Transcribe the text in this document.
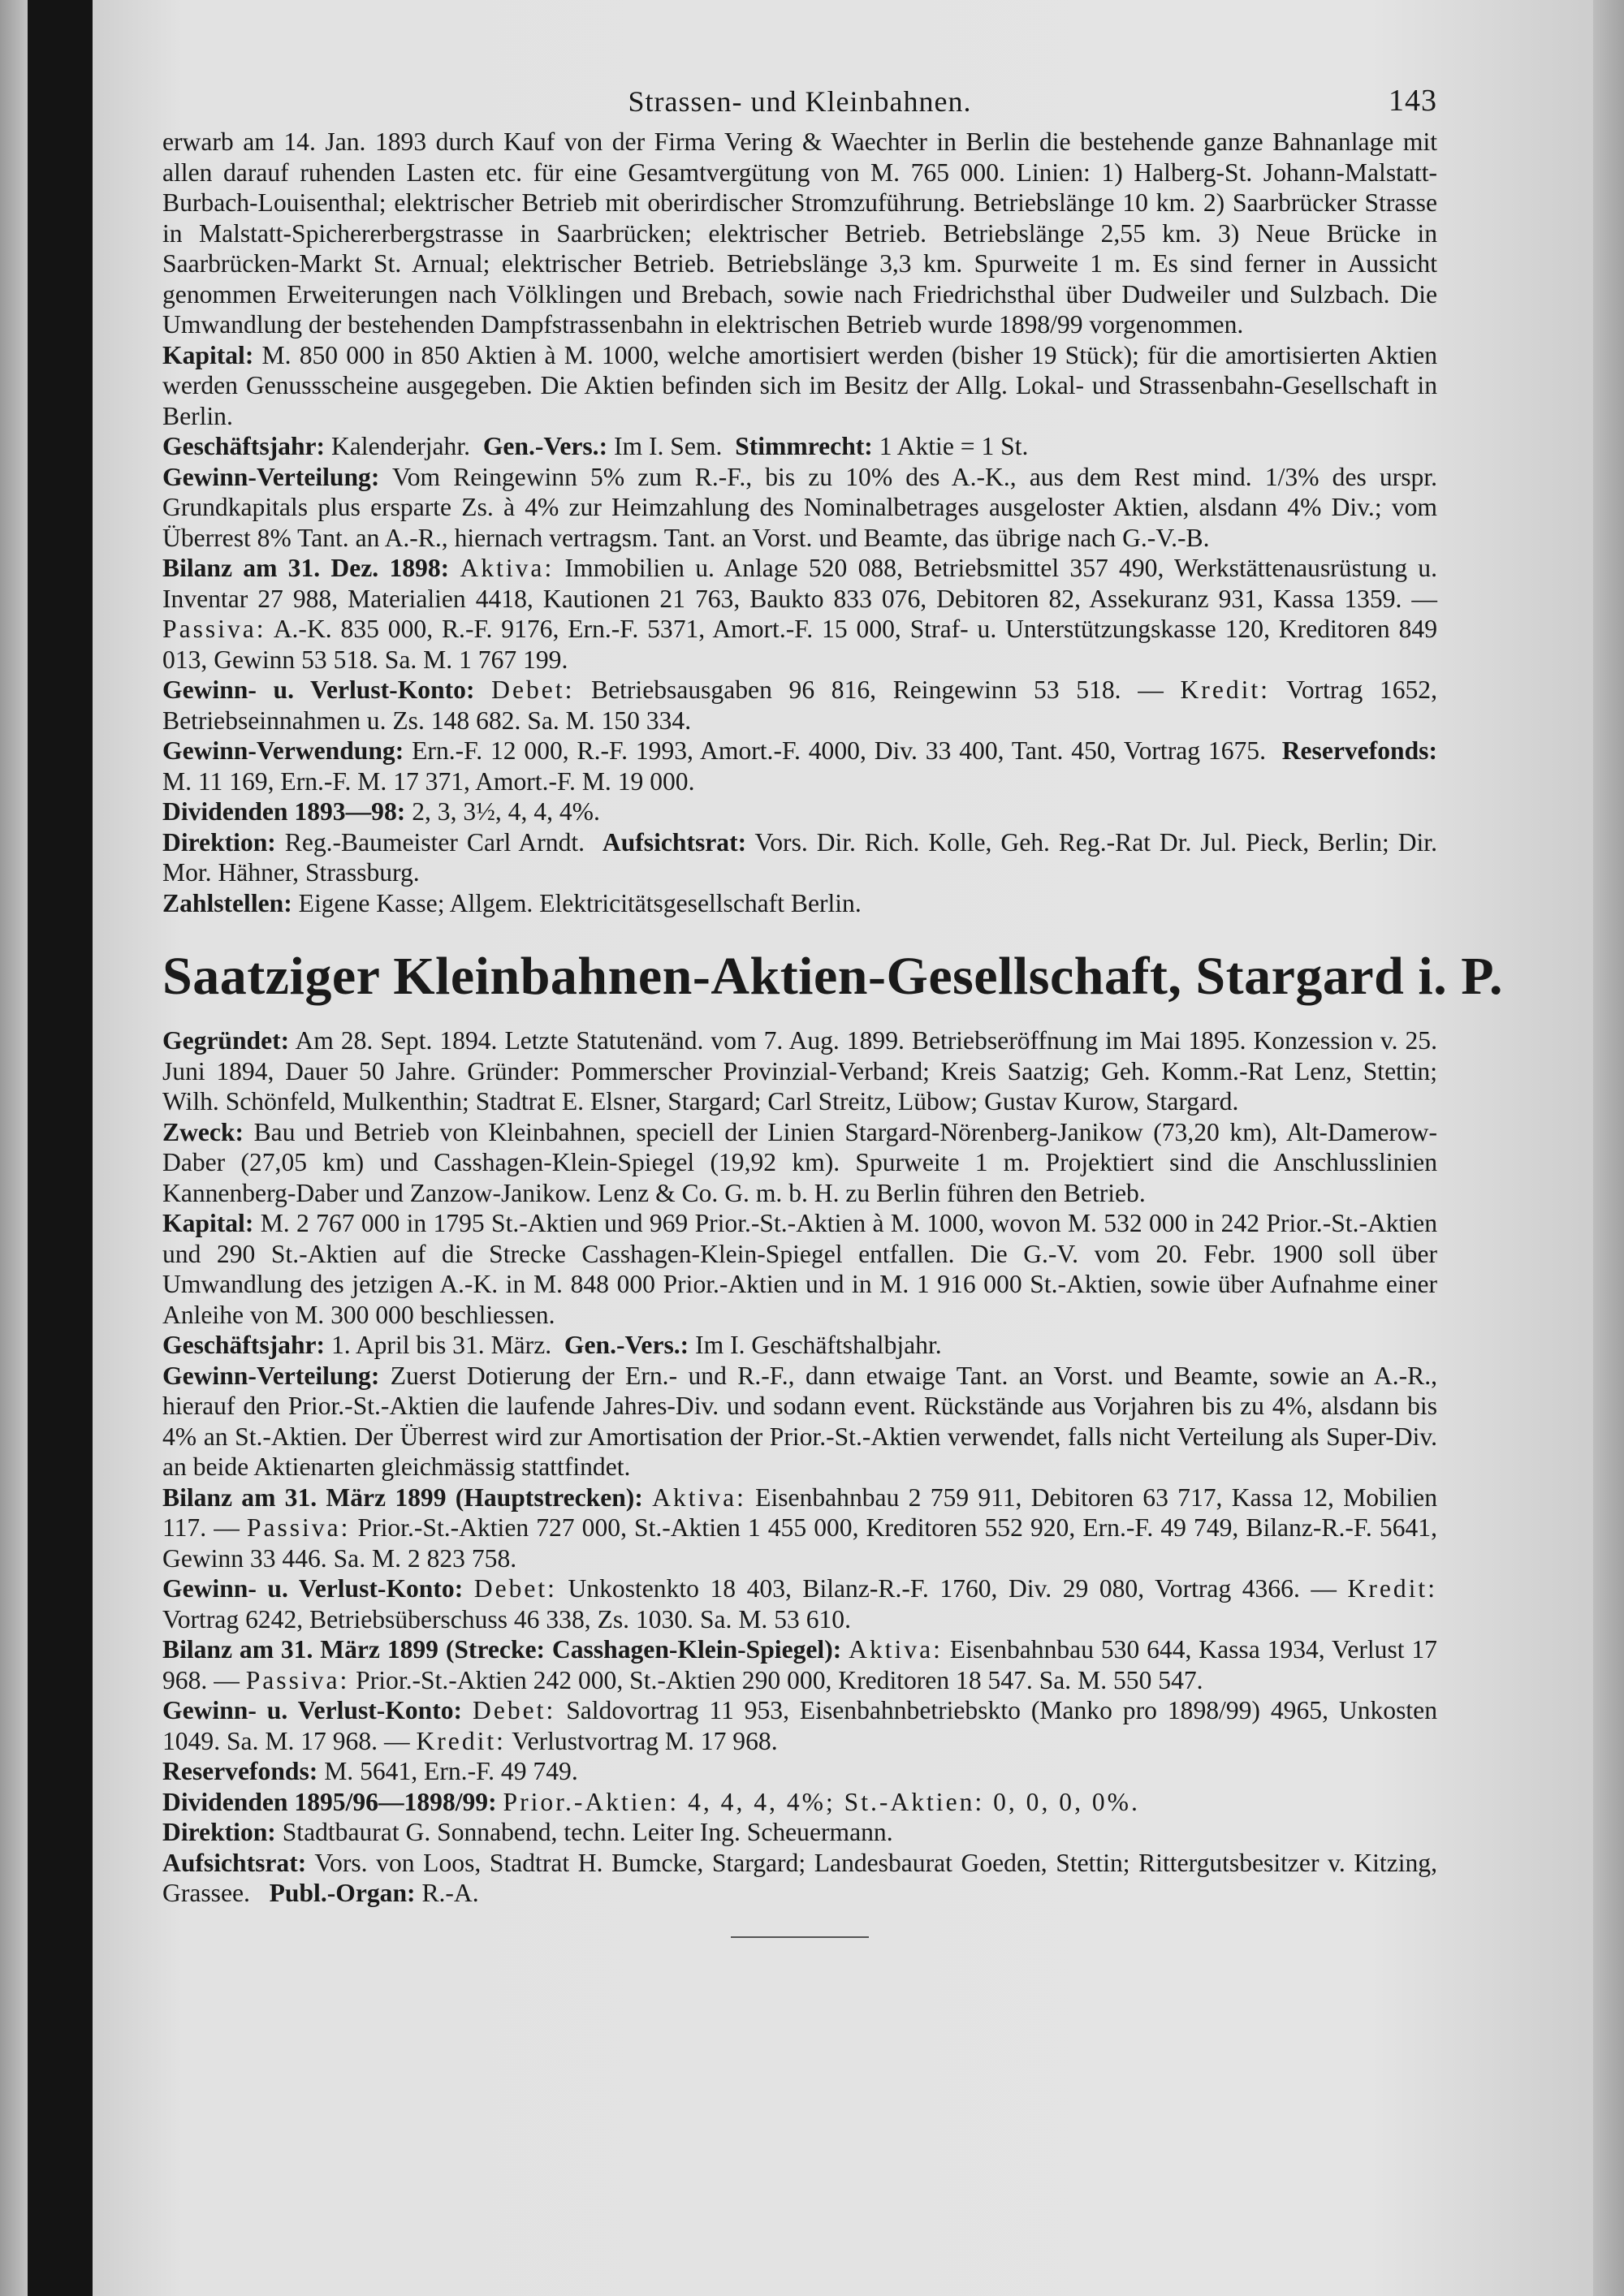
Strassen- und Kleinbahnen.	143

erwarb am 14. Jan. 1893 durch Kauf von der Firma Vering & Waechter in Berlin die bestehende ganze Bahnanlage mit allen darauf ruhenden Lasten etc. für eine Gesamtvergütung von M. 765 000. Linien: 1) Halberg-St. Johann-Malstatt-Burbach-Louisenthal; elektrischer Betrieb mit oberirdischer Stromzuführung. Betriebslänge 10 km. 2) Saarbrücker Strasse in Malstatt-Spichererbergstrasse in Saarbrücken; elektrischer Betrieb. Betriebslänge 2,55 km. 3) Neue Brücke in Saarbrücken-Markt St. Arnual; elektrischer Betrieb. Betriebslänge 3,3 km. Spurweite 1 m. Es sind ferner in Aussicht genommen Erweiterungen nach Völklingen und Brebach, sowie nach Friedrichsthal über Dudweiler und Sulzbach. Die Umwandlung der bestehenden Dampfstrassenbahn in elektrischen Betrieb wurde 1898/99 vorgenommen.

Kapital: M. 850 000 in 850 Aktien à M. 1000, welche amortisiert werden (bisher 19 Stück); für die amortisierten Aktien werden Genussscheine ausgegeben. Die Aktien befinden sich im Besitz der Allg. Lokal- und Strassenbahn-Gesellschaft in Berlin.

Geschäftsjahr: Kalenderjahr. Gen.-Vers.: Im I. Sem. Stimmrecht: 1 Aktie = 1 St.

Gewinn-Verteilung: Vom Reingewinn 5% zum R.-F., bis zu 10% des A.-K., aus dem Rest mind. 1/3% des urspr. Grundkapitals plus ersparte Zs. à 4% zur Heimzahlung des Nominalbetrages ausgeloster Aktien, alsdann 4% Div.; vom Überrest 8% Tant. an A.-R., hiernach vertragsm. Tant. an Vorst. und Beamte, das übrige nach G.-V.-B.

Bilanz am 31. Dez. 1898: Aktiva: Immobilien u. Anlage 520 088, Betriebsmittel 357 490, Werkstättenausrüstung u. Inventar 27 988, Materialien 4418, Kautionen 21 763, Baukto 833 076, Debitoren 82, Assekuranz 931, Kassa 1359. — Passiva: A.-K. 835 000, R.-F. 9176, Ern.-F. 5371, Amort.-F. 15 000, Straf- u. Unterstützungskasse 120, Kreditoren 849 013, Gewinn 53 518. Sa. M. 1 767 199.

Gewinn- u. Verlust-Konto: Debet: Betriebsausgaben 96 816, Reingewinn 53 518. — Kredit: Vortrag 1652, Betriebseinnahmen u. Zs. 148 682. Sa. M. 150 334.

Gewinn-Verwendung: Ern.-F. 12 000, R.-F. 1993, Amort.-F. 4000, Div. 33 400, Tant. 450, Vortrag 1675. Reservefonds: M. 11 169, Ern.-F. M. 17 371, Amort.-F. M. 19 000.

Dividenden 1893—98: 2, 3, 3½, 4, 4, 4%.

Direktion: Reg.-Baumeister Carl Arndt. Aufsichtsrat: Vors. Dir. Rich. Kolle, Geh. Reg.-Rat Dr. Jul. Pieck, Berlin; Dir. Mor. Hähner, Strassburg.

Zahlstellen: Eigene Kasse; Allgem. Elektricitätsgesellschaft Berlin.

Saatziger Kleinbahnen-Aktien-Gesellschaft, Stargard i. P.

Gegründet: Am 28. Sept. 1894. Letzte Statutenänd. vom 7. Aug. 1899. Betriebseröffnung im Mai 1895. Konzession v. 25. Juni 1894, Dauer 50 Jahre. Gründer: Pommerscher Provinzial-Verband; Kreis Saatzig; Geh. Komm.-Rat Lenz, Stettin; Wilh. Schönfeld, Mulkenthin; Stadtrat E. Elsner, Stargard; Carl Streitz, Lübow; Gustav Kurow, Stargard.

Zweck: Bau und Betrieb von Kleinbahnen, speciell der Linien Stargard-Nörenberg-Janikow (73,20 km), Alt-Damerow-Daber (27,05 km) und Casshagen-Klein-Spiegel (19,92 km). Spurweite 1 m. Projektiert sind die Anschlusslinien Kannenberg-Daber und Zanzow-Janikow. Lenz & Co. G. m. b. H. zu Berlin führen den Betrieb.

Kapital: M. 2 767 000 in 1795 St.-Aktien und 969 Prior.-St.-Aktien à M. 1000, wovon M. 532 000 in 242 Prior.-St.-Aktien und 290 St.-Aktien auf die Strecke Casshagen-Klein-Spiegel entfallen. Die G.-V. vom 20. Febr. 1900 soll über Umwandlung des jetzigen A.-K. in M. 848 000 Prior.-Aktien und in M. 1 916 000 St.-Aktien, sowie über Aufnahme einer Anleihe von M. 300 000 beschliessen.

Geschäftsjahr: 1. April bis 31. März. Gen.-Vers.: Im I. Geschäftshalbjahr.

Gewinn-Verteilung: Zuerst Dotierung der Ern.- und R.-F., dann etwaige Tant. an Vorst. und Beamte, sowie an A.-R., hierauf den Prior.-St.-Aktien die laufende Jahres-Div. und sodann event. Rückstände aus Vorjahren bis zu 4%, alsdann bis 4% an St.-Aktien. Der Überrest wird zur Amortisation der Prior.-St.-Aktien verwendet, falls nicht Verteilung als Super-Div. an beide Aktienarten gleichmässig stattfindet.

Bilanz am 31. März 1899 (Hauptstrecken): Aktiva: Eisenbahnbau 2 759 911, Debitoren 63 717, Kassa 12, Mobilien 117. — Passiva: Prior.-St.-Aktien 727 000, St.-Aktien 1 455 000, Kreditoren 552 920, Ern.-F. 49 749, Bilanz-R.-F. 5641, Gewinn 33 446. Sa. M. 2 823 758.

Gewinn- u. Verlust-Konto: Debet: Unkostenkto 18 403, Bilanz-R.-F. 1760, Div. 29 080, Vortrag 4366. — Kredit: Vortrag 6242, Betriebsüberschuss 46 338, Zs. 1030. Sa. M. 53 610.

Bilanz am 31. März 1899 (Strecke: Casshagen-Klein-Spiegel): Aktiva: Eisenbahnbau 530 644, Kassa 1934, Verlust 17 968. — Passiva: Prior.-St.-Aktien 242 000, St.-Aktien 290 000, Kreditoren 18 547. Sa. M. 550 547.

Gewinn- u. Verlust-Konto: Debet: Saldovortrag 11 953, Eisenbahnbetriebskto (Manko pro 1898/99) 4965, Unkosten 1049. Sa. M. 17 968. — Kredit: Verlustvortrag M. 17 968.

Reservefonds: M. 5641, Ern.-F. 49 749.

Dividenden 1895/96—1898/99: Prior.-Aktien: 4, 4, 4, 4%; St.-Aktien: 0, 0, 0, 0%.

Direktion: Stadtbaurat G. Sonnabend, techn. Leiter Ing. Scheuermann.

Aufsichtsrat: Vors. von Loos, Stadtrat H. Bumcke, Stargard; Landesbaurat Goeden, Stettin; Rittergutsbesitzer v. Kitzing, Grassee. Publ.-Organ: R.-A.
